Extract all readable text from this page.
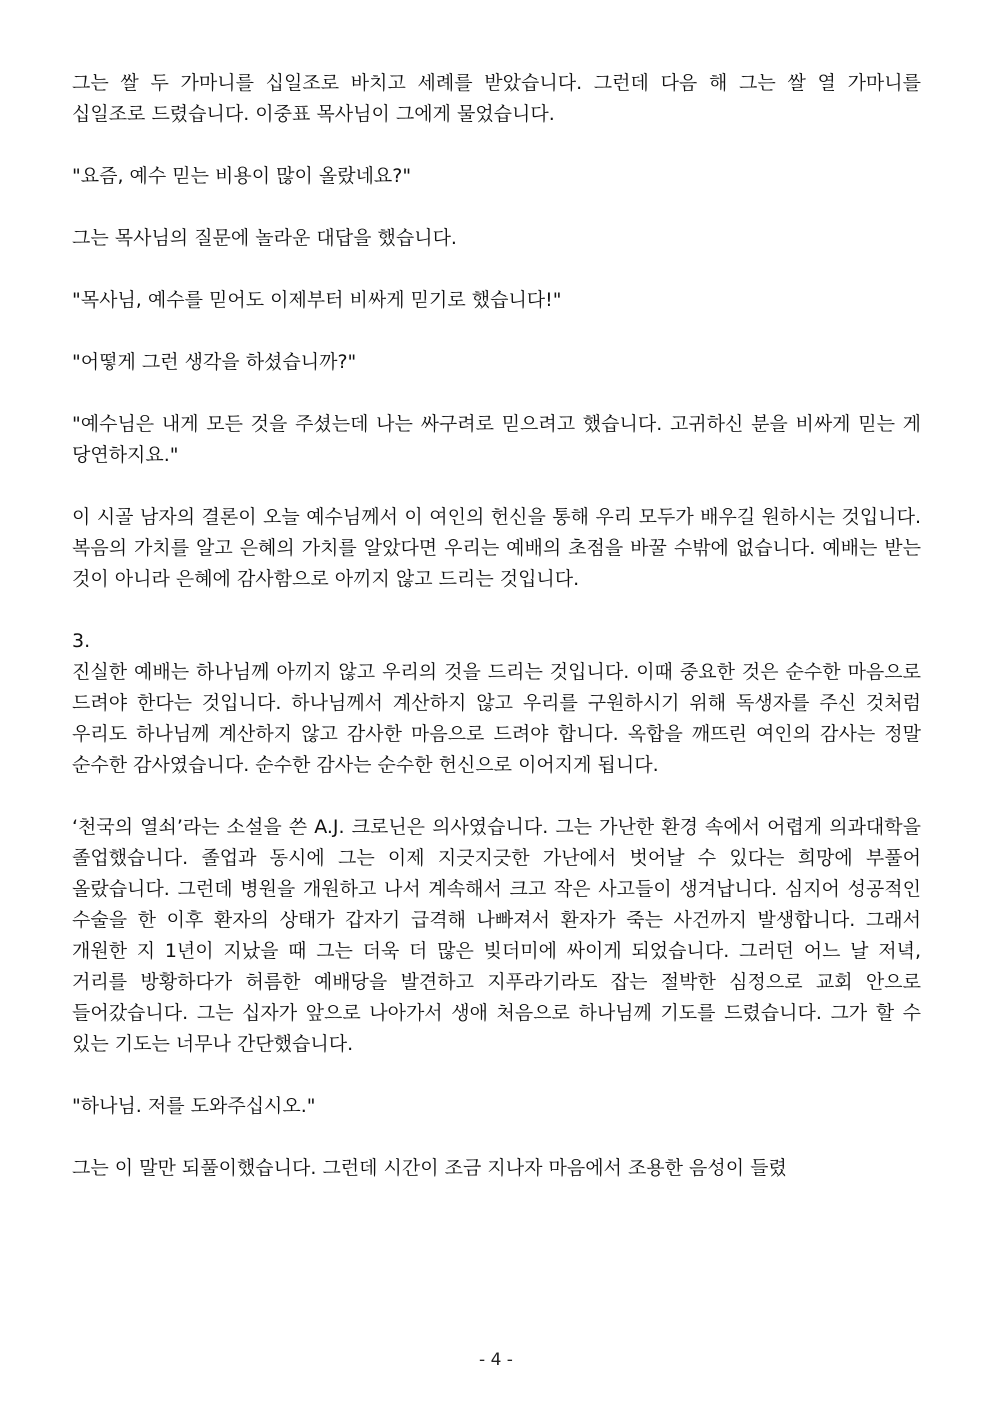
그는 쌀 두 가마니를 십일조로 바치고 세례를 받았습니다. 그런데 다음 해 그는 쌀 열 가마니를 십일조로 드렸습니다. 이중표 목사님이 그에게 물었습니다.

"요즘, 예수 믿는 비용이 많이 올랐네요?"

그는 목사님의 질문에 놀라운 대답을 했습니다.

"목사님, 예수를 믿어도 이제부터 비싸게 믿기로 했습니다!"

"어떻게 그런 생각을 하셨습니까?"

"예수님은 내게 모든 것을 주셨는데 나는 싸구려로 믿으려고 했습니다. 고귀하신 분을 비싸게 믿는 게 당연하지요."

이 시골 남자의 결론이 오늘 예수님께서 이 여인의 헌신을 통해 우리 모두가 배우길 원하시는 것입니다. 복음의 가치를 알고 은혜의 가치를 알았다면 우리는 예배의 초점을 바꿀 수밖에 없습니다. 예배는 받는 것이 아니라 은혜에 감사함으로 아끼지 않고 드리는 것입니다.

3.

진실한 예배는 하나님께 아끼지 않고 우리의 것을 드리는 것입니다. 이때 중요한 것은 순수한 마음으로 드려야 한다는 것입니다. 하나님께서 계산하지 않고 우리를 구원하시기 위해 독생자를 주신 것처럼 우리도 하나님께 계산하지 않고 감사한 마음으로 드려야 합니다. 옥합을 깨뜨린 여인의 감사는 정말 순수한 감사였습니다. 순수한 감사는 순수한 헌신으로 이어지게 됩니다.

‘천국의 열쇠’라는 소설을 쓴 A.J. 크로닌은 의사였습니다. 그는 가난한 환경 속에서 어렵게 의과대학을 졸업했습니다. 졸업과 동시에 그는 이제 지긋지긋한 가난에서 벗어날 수 있다는 희망에 부풀어 올랐습니다. 그런데 병원을 개원하고 나서 계속해서 크고 작은 사고들이 생겨납니다. 심지어 성공적인 수술을 한 이후 환자의 상태가 갑자기 급격해 나빠져서 환자가 죽는 사건까지 발생합니다. 그래서 개원한 지 1년이 지났을 때 그는 더욱 더 많은 빚더미에 싸이게 되었습니다. 그러던 어느 날 저녁, 거리를 방황하다가 허름한 예배당을 발견하고 지푸라기라도 잡는 절박한 심정으로 교회 안으로 들어갔습니다. 그는 십자가 앞으로 나아가서 생애 처음으로 하나님께 기도를 드렸습니다. 그가 할 수 있는 기도는 너무나 간단했습니다.

"하나님. 저를 도와주십시오."

그는 이 말만 되풀이했습니다. 그런데 시간이 조금 지나자 마음에서 조용한 음성이 들렸

- 4 -
